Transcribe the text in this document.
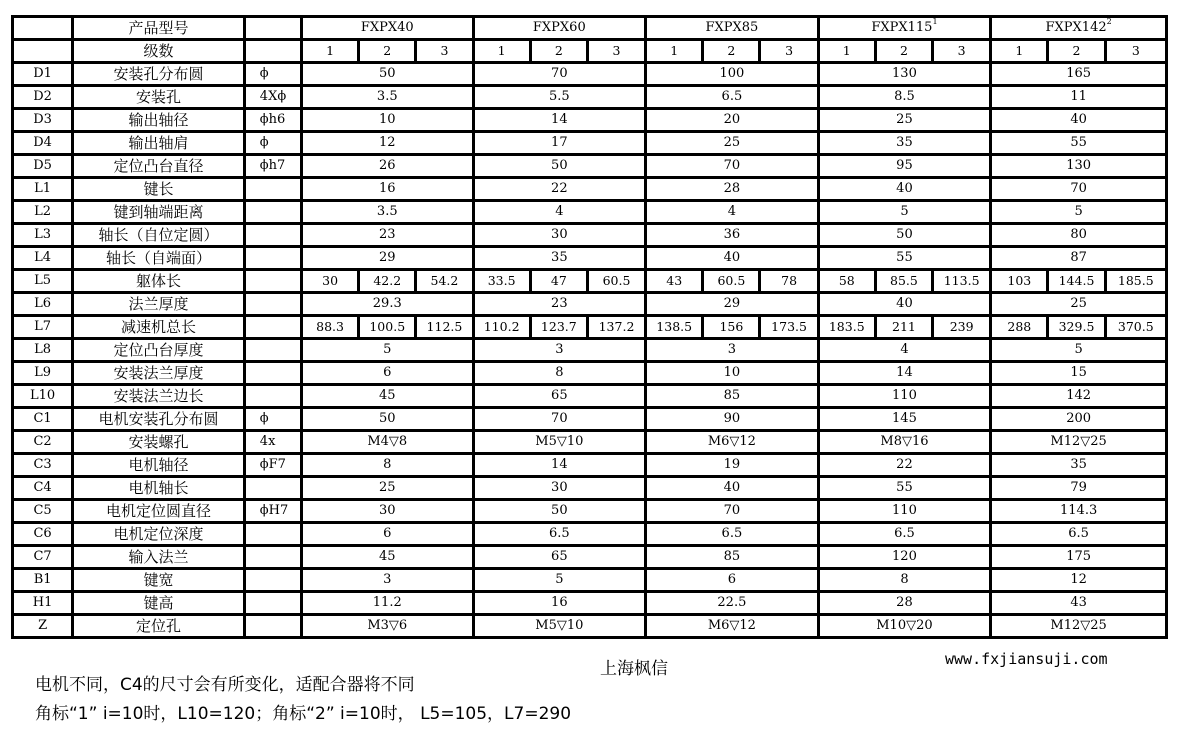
	产品型号		FXPX40			FXPX60			FXPX85			$FXPX115^1$			$FXPX142^2$
	级数		1	2	3	1	2	3	1	2	3	1	2	3	1	2	3
D1	安装孔分布圆	ϕ	50			70			100			130			165		
D2	安装孔	4Xϕ	3.5			5.5			6.5			8.5			11		
D3	输出轴径	ϕh6	10			14			20			25			40		
D4	输出轴肩	ϕ	12			17			25			35			55		
D5	定位凸台直径	ϕh7	26			50			70			95			130		
L1	键长		16			22			28			40			70		
L2	键到轴端距离		3.5			4			4			5			5		
L3	轴长（自位定圆）		23			30			36			50			80		
L4	轴长（自端面）		29			35			40			55			87		
L5	躯体长		30	42.2	54.2	33.5	47	60.5	43	60.5	78	58	85.5	113.5	103	144.5	185.5
L6	法兰厚度		29.3			23			29			40			25		
L7	减速机总长		88.3	100.5	112.5	110.2	123.7	137.2	138.5	156	173.5	183.5	211	239	288	329.5	370.5
L8	定位凸台厚度		5			3			3			4			5		
L9	安装法兰厚度		6			8			10			14			15		
L10	安装法兰边长		45			65			85			110			142		
C1	电机安装孔分布圆	ϕ	50			70			90			145			200		
C2	安装螺孔	4x	M4▽8			M5▽10			M6▽12			M8▽16			M12▽25		
C3	电机轴径	ϕF7	8			14			19			22			35		
C4	电机轴长		25			30			40			55			79		
C5	电机定位圆直径	ϕH7	30			50			70			110			114.3		
C6	电机定位深度		6			6.5			6.5			6.5			6.5		
C7	输入法兰		45			65			85			120			175		
B1	键宽		3			5			6			8			12		
H1	键高		11.2			16			22.5			28			43		
Z	定位孔		M3▽6			M5▽10			M6▽12			M10▽20			M12▽25		
上海枫信	www.fxjiansuji.com
电机不同，C4的尺寸会有所变化，适配合器将不同
角标“1” i=10时，L10=120；角标“2” i=10时， L5=105，L7=290
